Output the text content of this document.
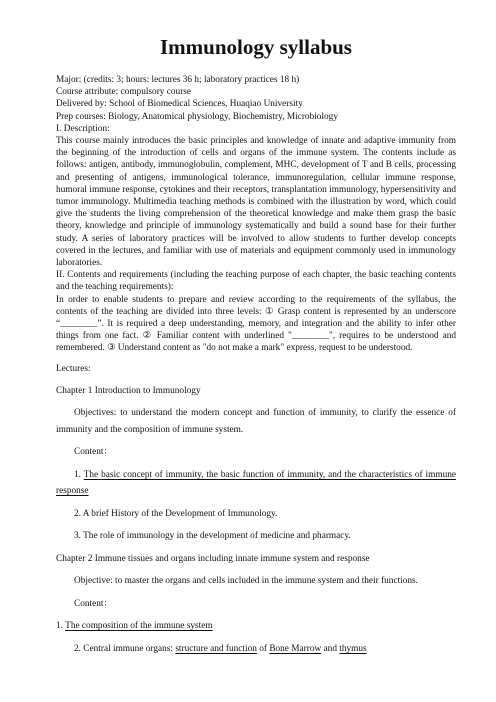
Immunology syllabus
Major: (credits: 3; hours: lectures 36 h; laboratory practices 18 h)
Course attribute: compulsory course
Delivered by: School of Biomedical Sciences, Huaqiao University
Prep courses: Biology, Anatomical physiology, Biochemistry, Microbiology
I. Description:

This course mainly introduces the basic principles and knowledge of innate and adaptive immunity from the beginning of the introduction of cells and organs of the immune system. The contents include as follows: antigen, antibody, immunoglobulin, complement, MHC, development of T and B cells, processing and presenting of antigens, immunological tolerance, immunoregulation, cellular immune response, humoral immune response, cytokines and their receptors, transplantation immunology, hypersensitivity and tumor immunology. Multimedia teaching methods is combined with the illustration by word, which could give the students the living comprehension of the theoretical knowledge and make them grasp the basic theory, knowledge and principle of immunology systematically and build a sound base for their further study. A series of laboratory practices will be involved to allow students to further develop concepts covered in the lectures, and familiar with use of materials and equipment commonly used in immunology laboratories.

II. Contents and requirements (including the teaching purpose of each chapter, the basic teaching contents and the teaching requirements):

In order to enable students to prepare and review according to the requirements of the syllabus, the contents of the teaching are divided into three levels: ① Grasp content is represented by an underscore “________”. It is required a deep understanding, memory, and integration and the ability to infer other things from one fact. ② Familiar content with underlined "________", requires to be understood and remembered. ③ Understand content as "do not make a mark" express, request to be understood.

Lectures:
Chapter 1 Introduction to Immunology

Objectives: to understand the modern concept and function of immunity, to clarify the essence of immunity and the composition of immune system.

Content：

1. The basic concept of immunity, the basic function of immunity, and the characteristics of immune response

2. A brief History of the Development of Immunology.
3. The role of immunology in the development of medicine and pharmacy.
Chapter 2 Immune tissues and organs including innate immune system and response
Objective: to master the organs and cells included in the immune system and their functions.
Content：
1. The composition of the immune system
2. Central immune organs: structure and function of Bone Marrow and thymus
